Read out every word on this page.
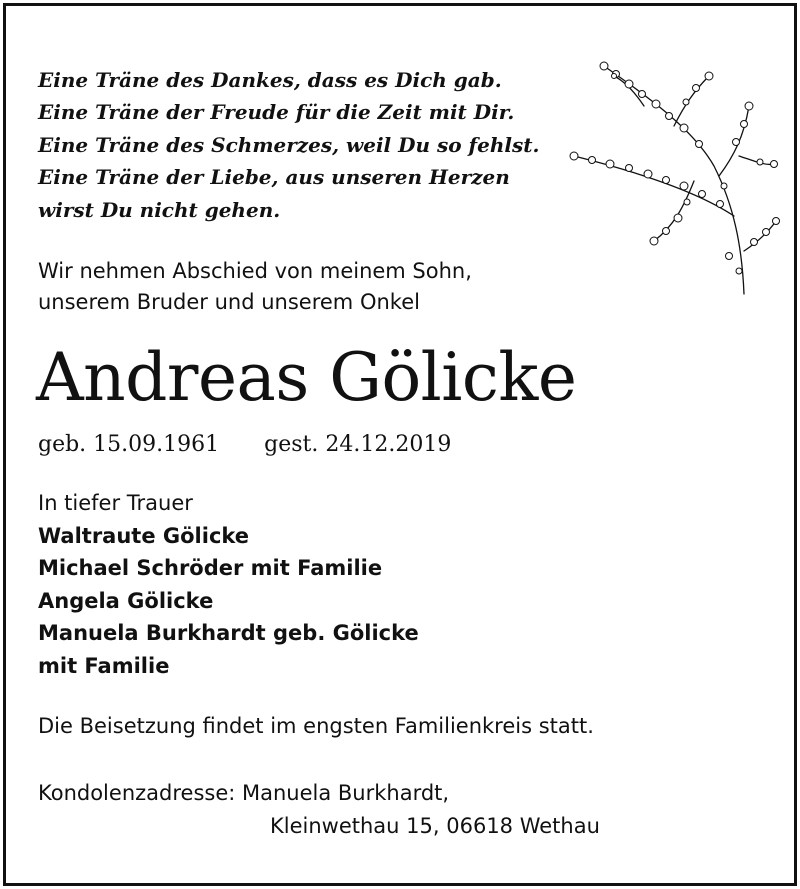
Eine Träne des Dankes, dass es Dich gab.
Eine Träne der Freude für die Zeit mit Dir.
Eine Träne des Schmerzes, weil Du so fehlst.
Eine Träne der Liebe, aus unseren Herzen
wirst Du nicht gehen.
Wir nehmen Abschied von meinem Sohn,
unserem Bruder und unserem Onkel
Andreas Gölicke
geb. 15.09.1961 gest. 24.12.2019
In tiefer Trauer
Waltraute Gölicke
Michael Schröder mit Familie
Angela Gölicke
Manuela Burkhardt geb. Gölicke
mit Familie
Die Beisetzung findet im engsten Familienkreis statt.
Kondolenzadresse: Manuela Burkhardt,
Kleinwethau 15, 06618 Wethau
